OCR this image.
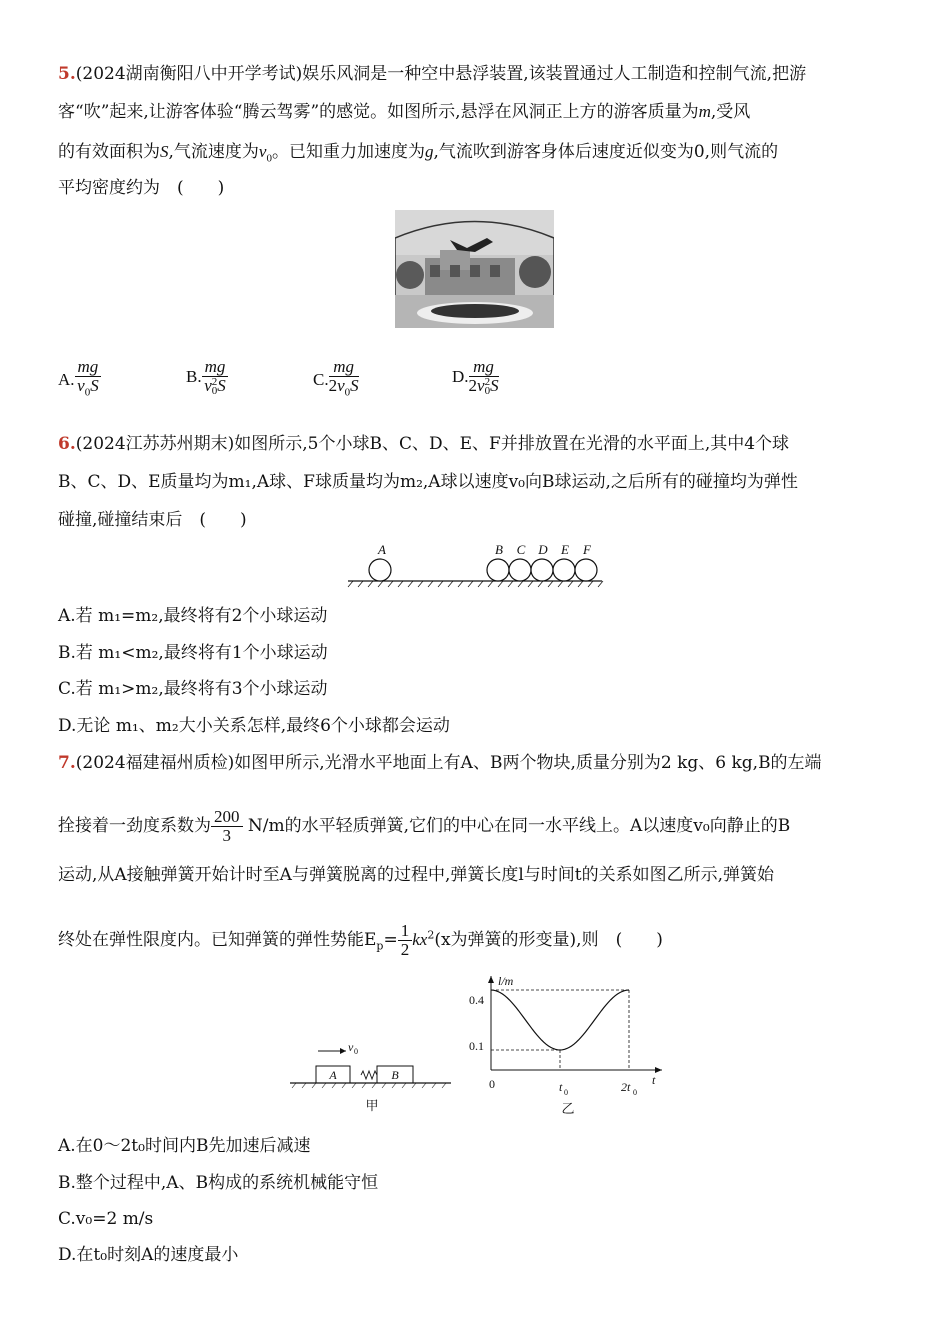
5.(2024湖南衡阳八中开学考试)娱乐风洞是一种空中悬浮装置,该装置通过人工制造和控制气流,把游
客“吹”起来,让游客体验“腾云驾雾”的感觉。如图所示,悬浮在风洞正上方的游客质量为m,受风
的有效面积为S,气流速度为$v_0$。已知重力加速度为g,气流吹到游客身体后速度近似变为0,则气流的
平均密度约为　(　　)
A. $\frac{mg}{v_0S}$	B. mg
v 2
0 S	C. $\frac{mg}{2v_0S}$	D. mg
2v 2
0 S
6.(2024江苏苏州期末)如图所示,5个小球B、C、D、E、F并排放置在光滑的水平面上,其中4个球
B、C、D、E质量均为m₁,A球、F球质量均为m₂,A球以速度v₀向B球运动,之后所有的碰撞均为弹性
碰撞,碰撞结束后　(　　)
A	B C D E F
A.若 m₁=m₂,最终将有2个小球运动
B.若 m₁<m₂,最终将有1个小球运动
C.若 m₁>m₂,最终将有3个小球运动
D.无论 m₁、m₂大小关系怎样,最终6个小球都会运动
7.(2024福建福州质检)如图甲所示,光滑水平地面上有A、B两个物块,质量分别为2 kg、6 kg,B的左端
拴接着一劲度系数为 $\frac{200}{3} N/m$的水平轻质弹簧,它们的中心在同一水平线上。A以速度v₀向静止的B
运动,从A接触弹簧开始计时至A与弹簧脱离的过程中,弹簧长度l与时间t的关系如图乙所示,弹簧始
终处在弹性限度内。已知弹簧的弹性势能$E_p= \frac{1}{2} kx^2(x$为弹簧的形变量),则　(　　)
v 0
A	B
甲
l/m
0.4
0.1
0	t 0	2t 0
t
乙
A.在0～2t₀时间内B先加速后减速
B.整个过程中,A、B构成的系统机械能守恒
C.v₀=2 m/s
D.在t₀时刻A的速度最小
